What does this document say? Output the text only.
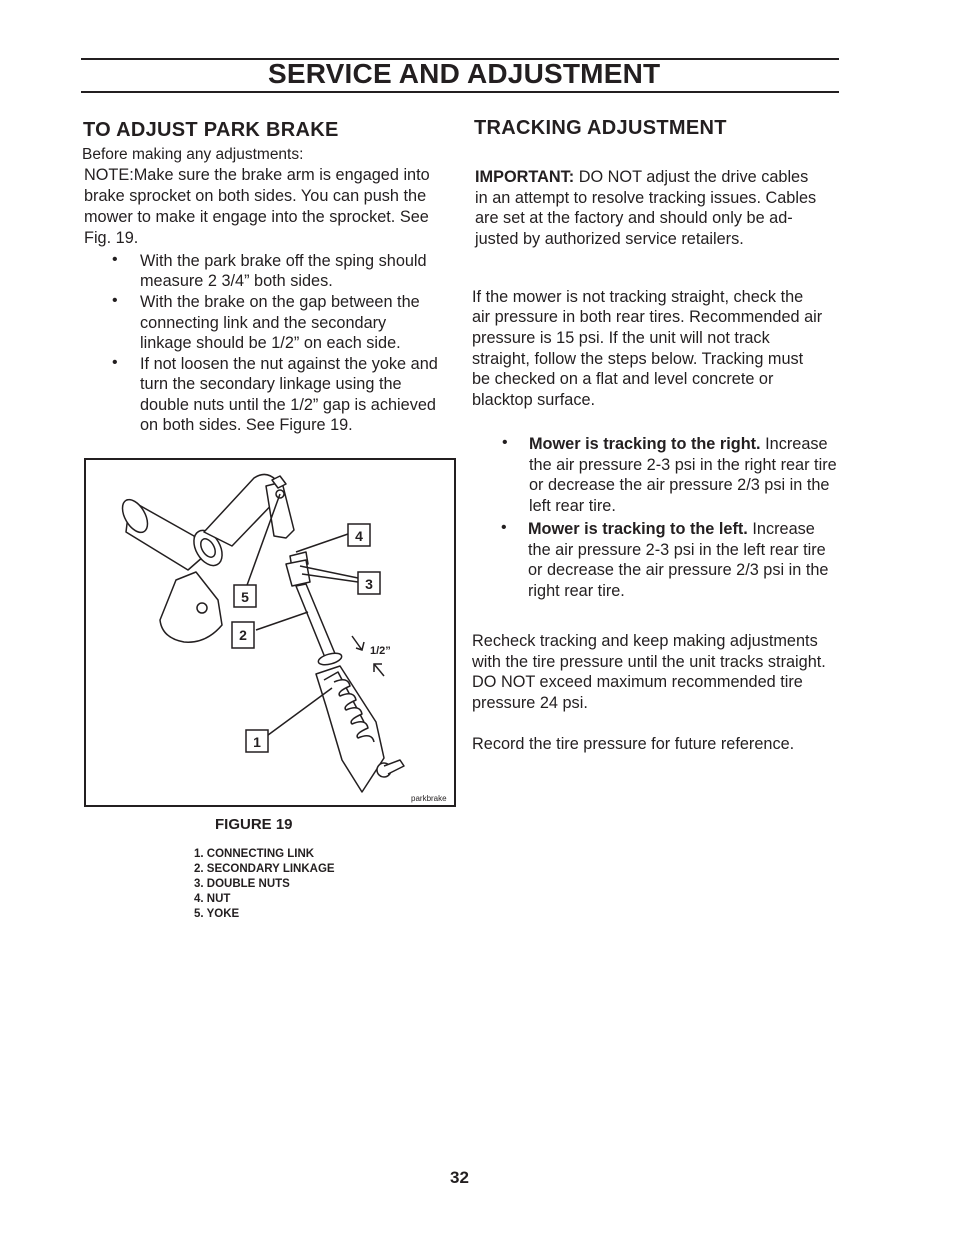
SERVICE AND ADJUSTMENT
TO ADJUST PARK BRAKE
Before making any adjustments:
NOTE:Make sure the brake arm is engaged into
brake sprocket on both sides. You can push the
mower to make it engage into the sprocket. See
Fig. 19.
• With the park brake off the sping should
measure 2 3/4” both sides.
• With the brake on the gap between the
connecting link and the secondary
linkage should be 1/2” on each side.
• If not loosen the nut against the yoke and
turn the secondary linkage using the
double nuts until the 1/2” gap is achieved
on both sides. See Figure 19.
4
3
5
2
1
1/2”
parkbrake
FIGURE 19
1. CONNECTING LINK
2. SECONDARY LINKAGE
3. DOUBLE NUTS
4. NUT
5. YOKE
TRACKING ADJUSTMENT
IMPORTANT: DO NOT adjust the drive cables
in an attempt to resolve tracking issues. Cables
are set at the factory and should only be ad-
justed by authorized service retailers.
If the mower is not tracking straight, check the
air pressure in both rear tires. Recommended air
pressure is 15 psi. If the unit will not track
straight, follow the steps below. Tracking must
be checked on a flat and level concrete or
blacktop surface.
• Mower is tracking to the right. Increase
the air pressure 2-3 psi in the right rear tire
or decrease the air pressure 2/3 psi in the
left rear tire.
• Mower is tracking to the left. Increase
the air pressure 2-3 psi in the left rear tire
or decrease the air pressure 2/3 psi in the
right rear tire.
Recheck tracking and keep making adjustments
with the tire pressure until the unit tracks straight.
DO NOT exceed maximum recommended tire
pressure 24 psi.
Record the tire pressure for future reference.
32
